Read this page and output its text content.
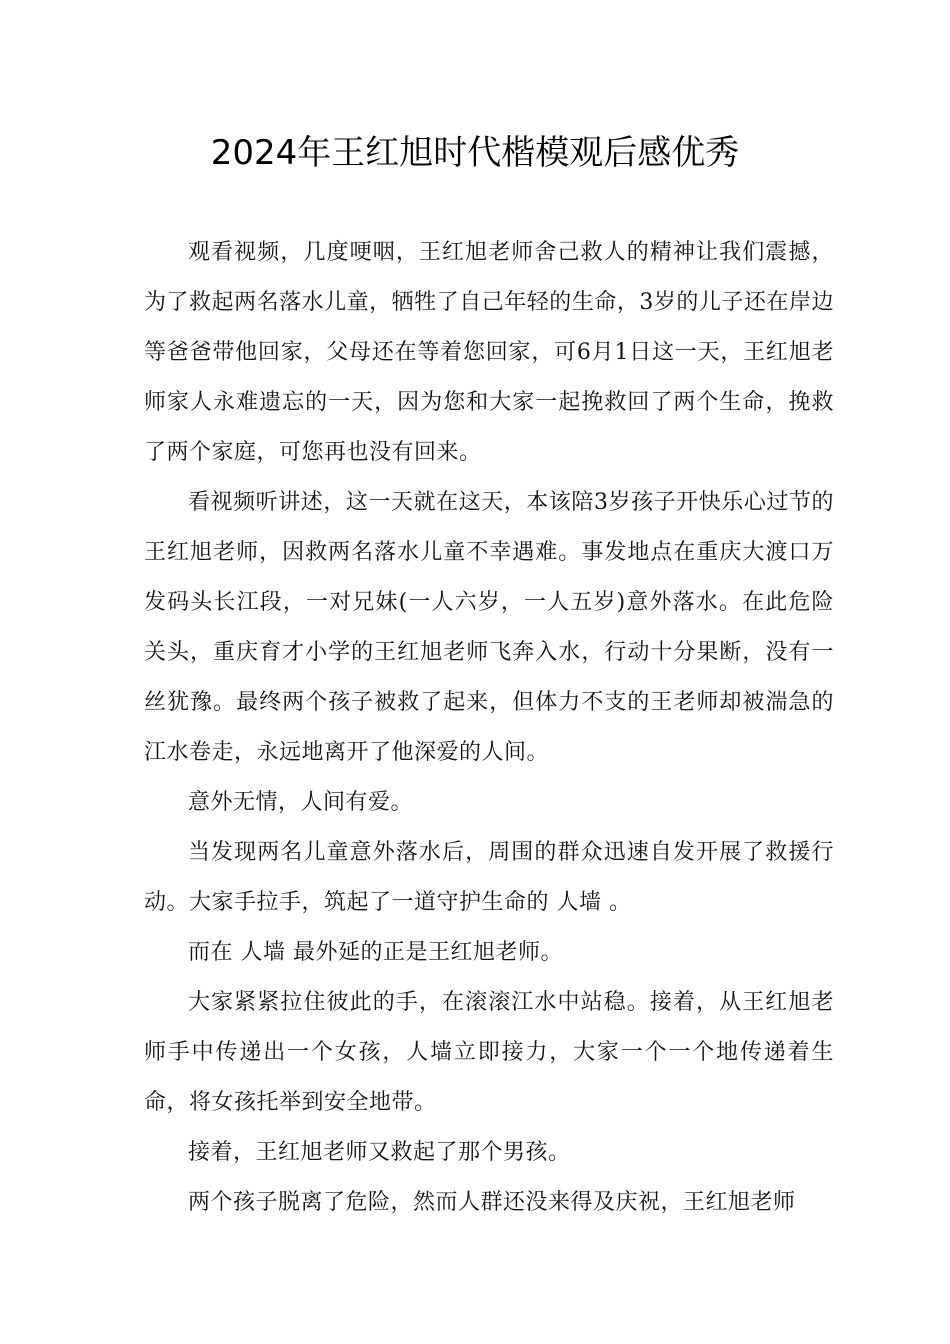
2024年王红旭时代楷模观后感优秀

观看视频，几度哽咽，王红旭老师舍己救人的精神让我们震撼，为了救起两名落水儿童，牺牲了自己年轻的生命，3岁的儿子还在岸边等爸爸带他回家，父母还在等着您回家，可6月1日这一天，王红旭老师家人永难遗忘的一天，因为您和大家一起挽救回了两个生命，挽救了两个家庭，可您再也没有回来。

看视频听讲述，这一天就在这天，本该陪3岁孩子开快乐心过节的王红旭老师，因救两名落水儿童不幸遇难。事发地点在重庆大渡口万发码头长江段，一对兄妹(一人六岁，一人五岁)意外落水。在此危险关头，重庆育才小学的王红旭老师飞奔入水，行动十分果断，没有一丝犹豫。最终两个孩子被救了起来，但体力不支的王老师却被湍急的江水卷走，永远地离开了他深爱的人间。

意外无情，人间有爱。

当发现两名儿童意外落水后，周围的群众迅速自发开展了救援行动。大家手拉手，筑起了一道守护生命的 人墙 。

而在 人墙 最外延的正是王红旭老师。

大家紧紧拉住彼此的手，在滚滚江水中站稳。接着，从王红旭老师手中传递出一个女孩，人墙立即接力，大家一个一个地传递着生命，将女孩托举到安全地带。

接着，王红旭老师又救起了那个男孩。

两个孩子脱离了危险，然而人群还没来得及庆祝，王红旭老师
